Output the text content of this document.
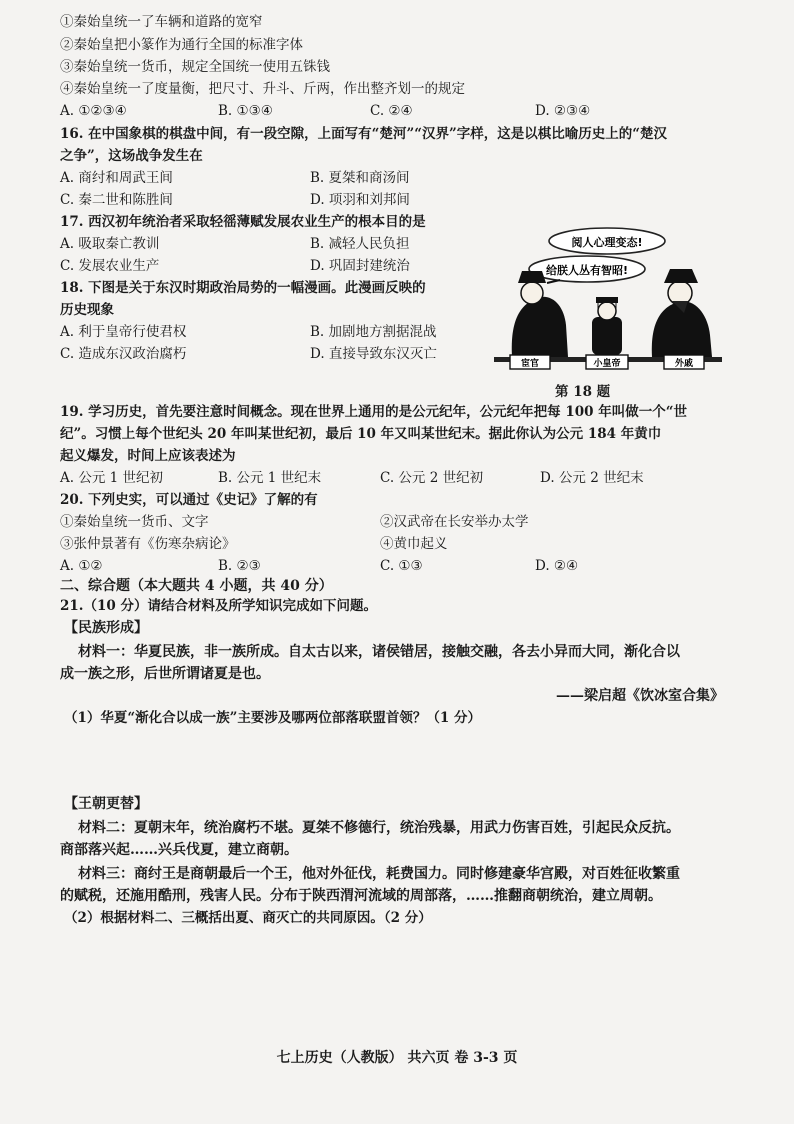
①秦始皇统一了车辆和道路的宽窄
②秦始皇把小篆作为通行全国的标准字体
③秦始皇统一货币，规定全国统一使用五铢钱
④秦始皇统一了度量衡，把尺寸、升斗、斤两，作出整齐划一的规定
A. ①②③④	B. ①③④	C. ②④	D. ②③④
16. 在中国象棋的棋盘中间，有一段空隙，上面写有“楚河”“汉界”字样，这是以棋比喻历史上的“楚汉
之争”，这场战争发生在
A. 商纣和周武王间	B. 夏桀和商汤间
C. 秦二世和陈胜间	D. 项羽和刘邦间
17. 西汉初年统治者采取轻徭薄赋发展农业生产的根本目的是
A. 吸取秦亡教训	B. 减轻人民负担
C. 发展农业生产	D. 巩固封建统治
18. 下图是关于东汉时期政治局势的一幅漫画。此漫画反映的
历史现象
A. 利于皇帝行使君权	B. 加剧地方割据混战
C. 造成东汉政治腐朽	D. 直接导致东汉灭亡
阅人心理变态!
给朕人丛有智昭!
宦官	小皇帝	外戚
第 18 题
19. 学习历史，首先要注意时间概念。现在世界上通用的是公元纪年，公元纪年把每 100 年叫做一个“世
纪”。习惯上每个世纪头 20 年叫某世纪初，最后 10 年又叫某世纪末。据此你认为公元 184 年黄巾
起义爆发，时间上应该表述为
A. 公元 1 世纪初	B. 公元 1 世纪末	C. 公元 2 世纪初	D. 公元 2 世纪末
20. 下列史实，可以通过《史记》了解的有
①秦始皇统一货币、文字	②汉武帝在长安举办太学
③张仲景著有《伤寒杂病论》	④黄巾起义
A. ①②	B. ②③	C. ①③	D. ②④
二、综合题（本大题共 4 小题，共 40 分）
21.（10 分）请结合材料及所学知识完成如下问题。
【民族形成】
材料一：华夏民族，非一族所成。自太古以来，诸侯错居，接触交融，各去小异而大同，渐化合以
成一族之形，后世所谓诸夏是也。
——梁启超《饮冰室合集》
（1）华夏“渐化合以成一族”主要涉及哪两位部落联盟首领？（1 分）
【王朝更替】
材料二：夏朝末年，统治腐朽不堪。夏桀不修德行，统治残暴，用武力伤害百姓，引起民众反抗。
商部落兴起……兴兵伐夏，建立商朝。
材料三：商纣王是商朝最后一个王，他对外征伐，耗费国力。同时修建豪华宫殿，对百姓征收繁重
的赋税，还施用酷刑，残害人民。分布于陕西渭河流域的周部落，……推翻商朝统治，建立周朝。
（2）根据材料二、三概括出夏、商灭亡的共同原因。（2 分）
七上历史（人教版） 共六页 卷 3-3 页
